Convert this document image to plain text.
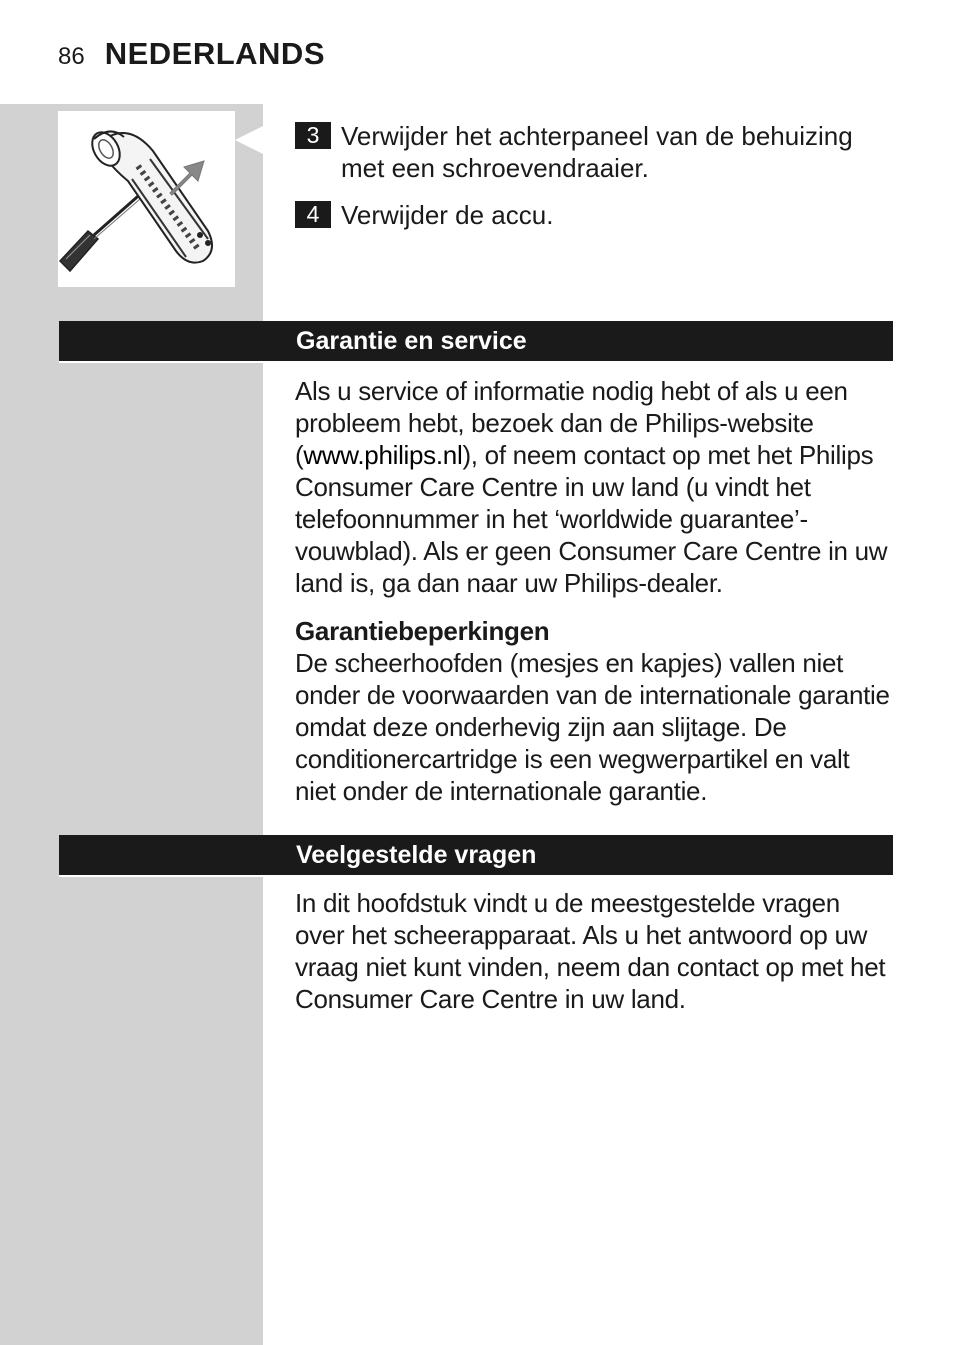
86 NEDERLANDS
3 Verwijder het achterpaneel van de behuizing met een schroevendraaier.
4 Verwijder de accu.
Garantie en service

Als u service of informatie nodig hebt of als u een probleem hebt, bezoek dan de Philips-website (www.philips.nl), of neem contact op met het Philips Consumer Care Centre in uw land (u vindt het telefoonnummer in het ‘worldwide guarantee’-vouwblad). Als er geen Consumer Care Centre in uw land is, ga dan naar uw Philips-dealer.

Garantiebeperkingen

De scheerhoofden (mesjes en kapjes) vallen niet onder de voorwaarden van de internationale garantie omdat deze onderhevig zijn aan slijtage. De conditionercartridge is een wegwerpartikel en valt niet onder de internationale garantie.

Veelgestelde vragen

In dit hoofdstuk vindt u de meestgestelde vragen over het scheerapparaat. Als u het antwoord op uw vraag niet kunt vinden, neem dan contact op met het Consumer Care Centre in uw land.
